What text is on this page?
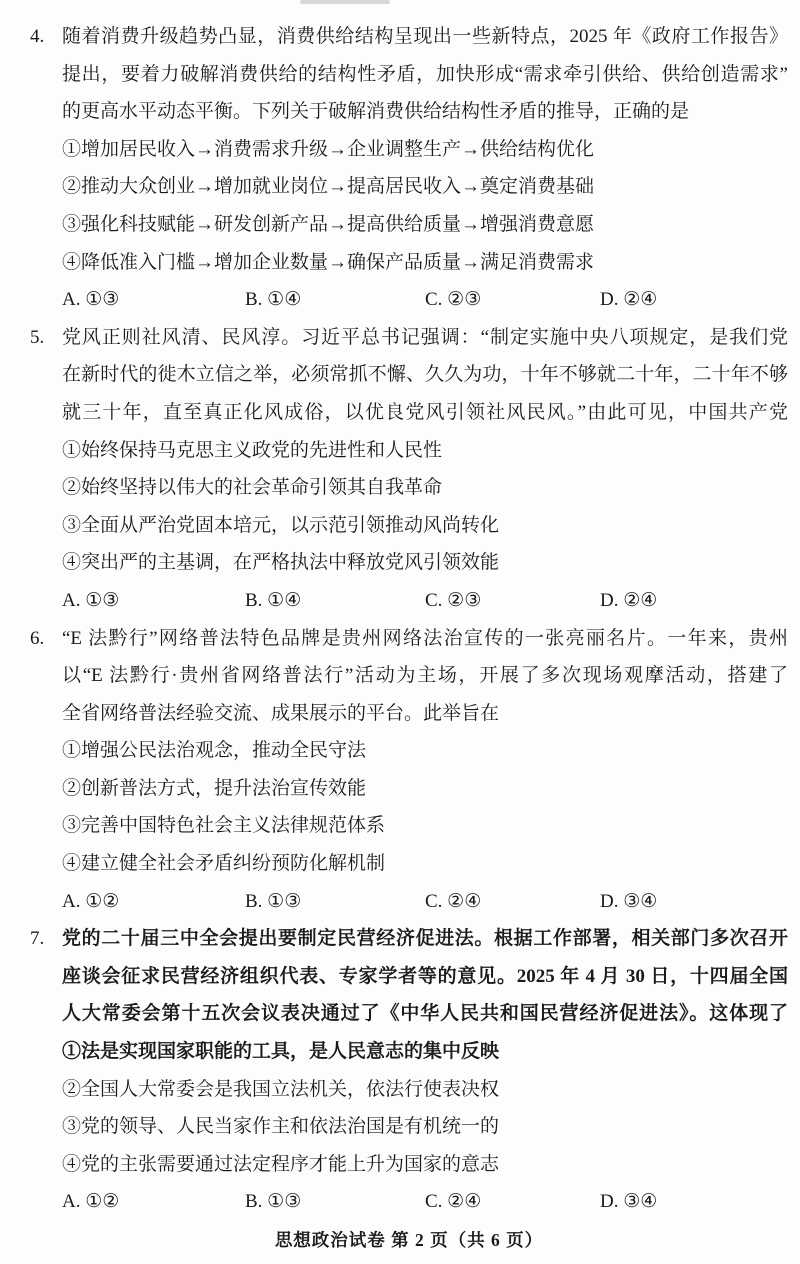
4. 随着消费升级趋势凸显，消费供给结构呈现出一些新特点，2025 年《政府工作报告》
提出，要着力破解消费供给的结构性矛盾，加快形成“需求牵引供给、供给创造需求”
的更高水平动态平衡。下列关于破解消费供给结构性矛盾的推导，正确的是
①增加居民收入→消费需求升级→企业调整生产→供给结构优化
②推动大众创业→增加就业岗位→提高居民收入→奠定消费基础
③强化科技赋能→研发创新产品→提高供给质量→增强消费意愿
④降低准入门槛→增加企业数量→确保产品质量→满足消费需求
A. ①③	B. ①④	C. ②③	D. ②④
5. 党风正则社风清、民风淳。习近平总书记强调：“制定实施中央八项规定，是我们党
在新时代的徙木立信之举，必须常抓不懈、久久为功，十年不够就二十年，二十年不够
就三十年，直至真正化风成俗，以优良党风引领社风民风。”由此可见，中国共产党
①始终保持马克思主义政党的先进性和人民性
②始终坚持以伟大的社会革命引领其自我革命
③全面从严治党固本培元，以示范引领推动风尚转化
④突出严的主基调，在严格执法中释放党风引领效能
A. ①③	B. ①④	C. ②③	D. ②④
6. “E 法黔行”网络普法特色品牌是贵州网络法治宣传的一张亮丽名片。一年来，贵州
以“E 法黔行·贵州省网络普法行”活动为主场，开展了多次现场观摩活动，搭建了
全省网络普法经验交流、成果展示的平台。此举旨在
①增强公民法治观念，推动全民守法
②创新普法方式，提升法治宣传效能
③完善中国特色社会主义法律规范体系
④建立健全社会矛盾纠纷预防化解机制
A. ①②	B. ①③	C. ②④	D. ③④
7. 党的二十届三中全会提出要制定民营经济促进法。根据工作部署，相关部门多次召开
座谈会征求民营经济组织代表、专家学者等的意见。2025 年 4 月 30 日，十四届全国
人大常委会第十五次会议表决通过了《中华人民共和国民营经济促进法》。这体现了
①法是实现国家职能的工具，是人民意志的集中反映
②全国人大常委会是我国立法机关，依法行使表决权
③党的领导、人民当家作主和依法治国是有机统一的
④党的主张需要通过法定程序才能上升为国家的意志
A. ①②	B. ①③	C. ②④	D. ③④
思想政治试卷 第 2 页（共 6 页）
